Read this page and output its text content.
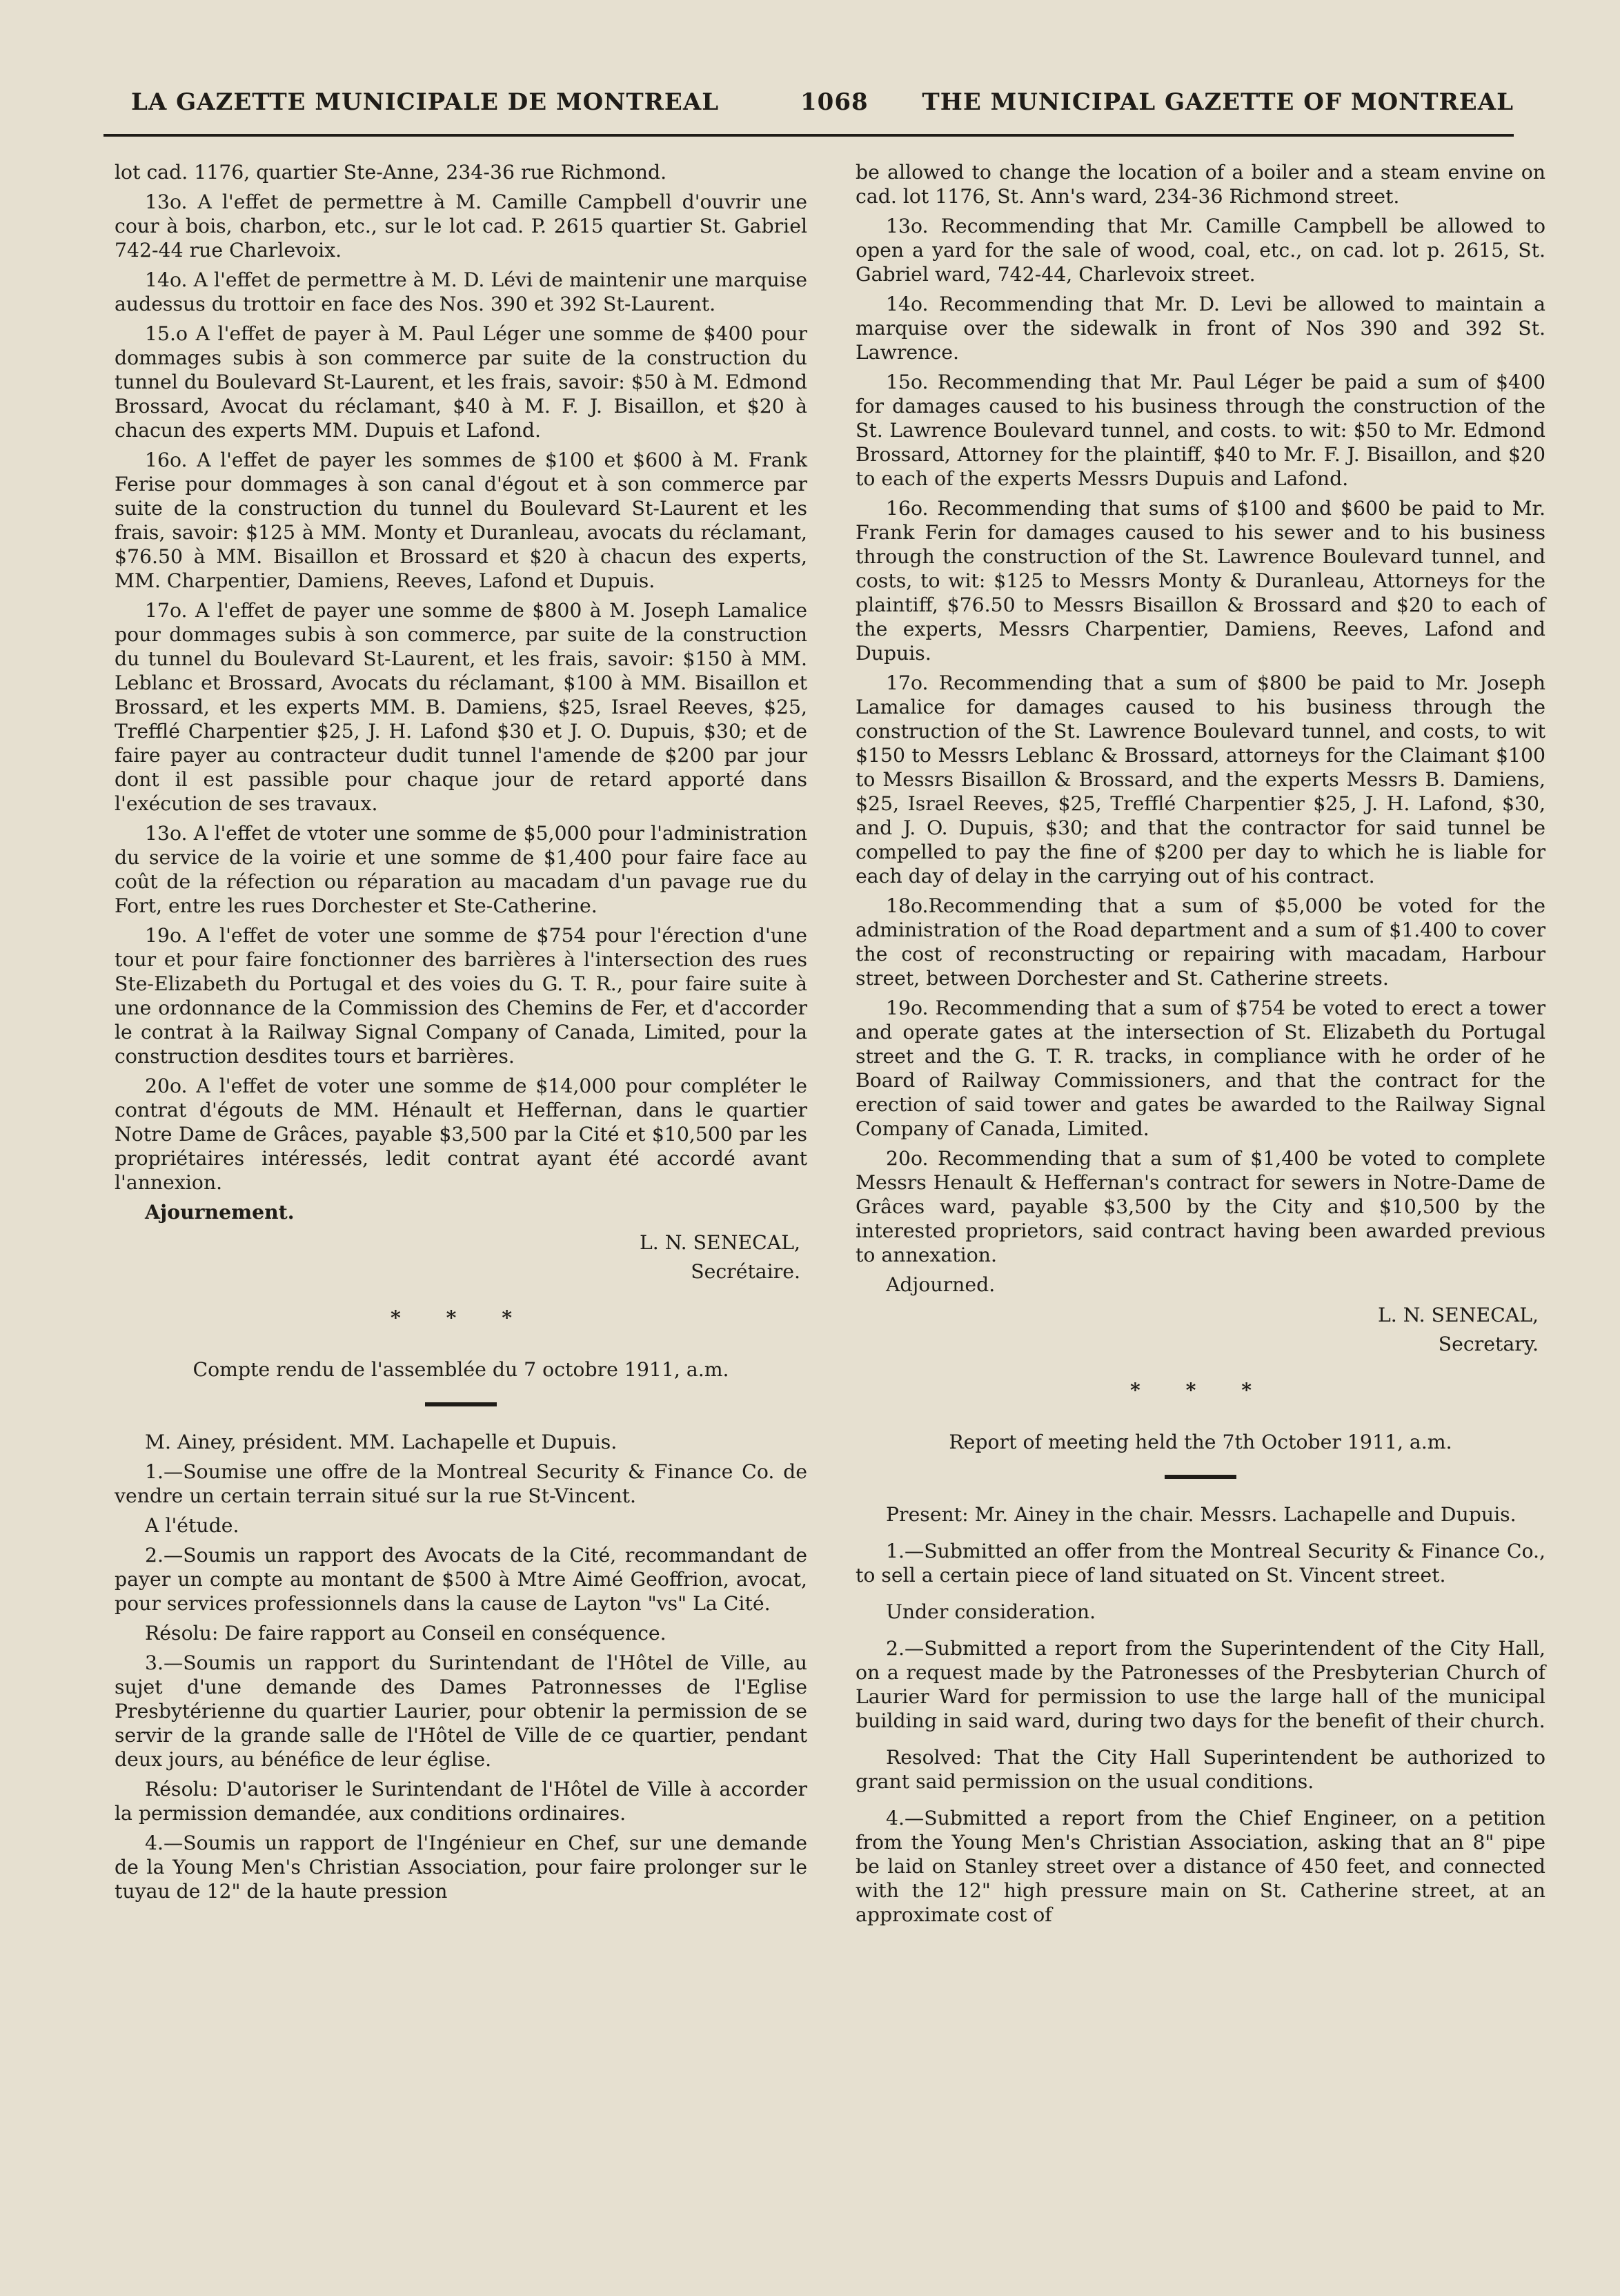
LA GAZETTE MUNICIPALE DE MONTREAL	1068 THE MUNICIPAL GAZETTE OF MONTREAL

lot cad. 1176, quartier Ste-Anne, 234-36 rue Richmond.

13o. A l'effet de permettre à M. Camille Campbell d'ouvrir une cour à bois, charbon, etc., sur le lot cad. P. 2615 quartier St. Gabriel 742-44 rue Charlevoix.

14o. A l'effet de permettre à M. D. Lévi de maintenir une marquise audessus du trottoir en face des Nos. 390 et 392 St-Laurent.

15.o A l'effet de payer à M. Paul Léger une somme de $400 pour dommages subis à son commerce par suite de la construction du tunnel du Boulevard St-Laurent, et les frais, savoir: $50 à M. Edmond Brossard, Avocat du réclamant, $40 à M. F. J. Bisaillon, et $20 à chacun des experts MM. Dupuis et Lafond.

16o. A l'effet de payer les sommes de $100 et $600 à M. Frank Ferise pour dommages à son canal d'égout et à son commerce par suite de la construction du tunnel du Boulevard St-Laurent et les frais, savoir: $125 à MM. Monty et Duranleau, avocats du réclamant, $76.50 à MM. Bisaillon et Brossard et $20 à chacun des experts, MM. Charpentier, Damiens, Reeves, Lafond et Dupuis.

17o. A l'effet de payer une somme de $800 à M. Joseph Lamalice pour dommages subis à son commerce, par suite de la construction du tunnel du Boulevard St-Laurent, et les frais, savoir: $150 à MM. Leblanc et Brossard, Avocats du réclamant, $100 à MM. Bisaillon et Brossard, et les experts MM. B. Damiens, $25, Israel Reeves, $25, Trefflé Charpentier $25, J. H. Lafond $30 et J. O. Dupuis, $30; et de faire payer au contracteur dudit tunnel l'amende de $200 par jour dont il est passible pour chaque jour de retard apporté dans l'exécution de ses travaux.

13o. A l'effet de vtoter une somme de $5,000 pour l'administration du service de la voirie et une somme de $1,400 pour faire face au coût de la réfection ou réparation au macadam d'un pavage rue du Fort, entre les rues Dorchester et Ste-Catherine.

19o. A l'effet de voter une somme de $754 pour l'érection d'une tour et pour faire fonctionner des barrières à l'intersection des rues Ste-Elizabeth du Portugal et des voies du G. T. R., pour faire suite à une ordonnance de la Commission des Chemins de Fer, et d'accorder le contrat à la Railway Signal Company of Canada, Limited, pour la construction desdites tours et barrières.

20o. A l'effet de voter une somme de $14,000 pour compléter le contrat d'égouts de MM. Hénault et Heffernan, dans le quartier Notre Dame de Grâces, payable $3,500 par la Cité et $10,500 par les propriétaires intéressés, ledit contrat ayant été accordé avant l'annexion.

Ajournement.

L. N. SENECAL,
Secrétaire.
* * *
Compte rendu de l'assemblée du 7 octobre 1911, a.m.

M. Ainey, président. MM. Lachapelle et Dupuis.

1.—Soumise une offre de la Montreal Security & Finance Co. de vendre un certain terrain situé sur la rue St-Vincent.

A l'étude.

2.—Soumis un rapport des Avocats de la Cité, recommandant de payer un compte au montant de $500 à Mtre Aimé Geoffrion, avocat, pour services professionnels dans la cause de Layton "vs" La Cité.

Résolu: De faire rapport au Conseil en conséquence.

3.—Soumis un rapport du Surintendant de l'Hôtel de Ville, au sujet d'une demande des Dames Patronnesses de l'Eglise Presbytérienne du quartier Laurier, pour obtenir la permission de se servir de la grande salle de l'Hôtel de Ville de ce quartier, pendant deux jours, au bénéfice de leur église.

Résolu: D'autoriser le Surintendant de l'Hôtel de Ville à accorder la permission demandée, aux conditions ordinaires.

4.—Soumis un rapport de l'Ingénieur en Chef, sur une demande de la Young Men's Christian Association, pour faire prolonger sur le tuyau de 12" de la haute pression

be allowed to change the location of a boiler and a steam envine on cad. lot 1176, St. Ann's ward, 234-36 Richmond street.

13o. Recommending that Mr. Camille Campbell be allowed to open a yard for the sale of wood, coal, etc., on cad. lot p. 2615, St. Gabriel ward, 742-44, Charlevoix street.

14o. Recommending that Mr. D. Levi be allowed to maintain a marquise over the sidewalk in front of Nos 390 and 392 St. Lawrence.

15o. Recommending that Mr. Paul Léger be paid a sum of $400 for damages caused to his business through the construction of the St. Lawrence Boulevard tunnel, and costs. to wit: $50 to Mr. Edmond Brossard, Attorney for the plaintiff, $40 to Mr. F. J. Bisaillon, and $20 to each of the experts Messrs Dupuis and Lafond.

16o. Recommending that sums of $100 and $600 be paid to Mr. Frank Ferin for damages caused to his sewer and to his business through the construction of the St. Lawrence Boulevard tunnel, and costs, to wit: $125 to Messrs Monty & Duranleau, Attorneys for the plaintiff, $76.50 to Messrs Bisaillon & Brossard and $20 to each of the experts, Messrs Charpentier, Damiens, Reeves, Lafond and Dupuis.

17o. Recommending that a sum of $800 be paid to Mr. Joseph Lamalice for damages caused to his business through the construction of the St. Lawrence Boulevard tunnel, and costs, to wit $150 to Messrs Leblanc & Brossard, attorneys for the Claimant $100 to Messrs Bisaillon & Brossard, and the experts Messrs B. Damiens, $25, Israel Reeves, $25, Trefflé Charpentier $25, J. H. Lafond, $30, and J. O. Dupuis, $30; and that the contractor for said tunnel be compelled to pay the fine of $200 per day to which he is liable for each day of delay in the carrying out of his contract.

18o.Recommending that a sum of $5,000 be voted for the administration of the Road department and a sum of $1.400 to cover the cost of reconstructing or repairing with macadam, Harbour street, between Dorchester and St. Catherine streets.

19o. Recommending that a sum of $754 be voted to erect a tower and operate gates at the intersection of St. Elizabeth du Portugal street and the G. T. R. tracks, in compliance with he order of he Board of Railway Commissioners, and that the contract for the erection of said tower and gates be awarded to the Railway Signal Company of Canada, Limited.

20o. Recommending that a sum of $1,400 be voted to complete Messrs Henault & Heffernan's contract for sewers in Notre-Dame de Grâces ward, payable $3,500 by the City and $10,500 by the interested proprietors, said contract having been awarded previous to annexation.

Adjourned.

L. N. SENECAL,
Secretary.
* * *
Report of meeting held the 7th October 1911, a.m.

Present: Mr. Ainey in the chair. Messrs. Lachapelle and Dupuis.

1.—Submitted an offer from the Montreal Security & Finance Co., to sell a certain piece of land situated on St. Vincent street.

Under consideration.

2.—Submitted a report from the Superintendent of the City Hall, on a request made by the Patronesses of the Presbyterian Church of Laurier Ward for permission to use the large hall of the municipal building in said ward, during two days for the benefit of their church.

Resolved: That the City Hall Superintendent be authorized to grant said permission on the usual conditions.

4.—Submitted a report from the Chief Engineer, on a petition from the Young Men's Christian Association, asking that an 8" pipe be laid on Stanley street over a distance of 450 feet, and connected with the 12" high pressure main on St. Catherine street, at an approximate cost of
